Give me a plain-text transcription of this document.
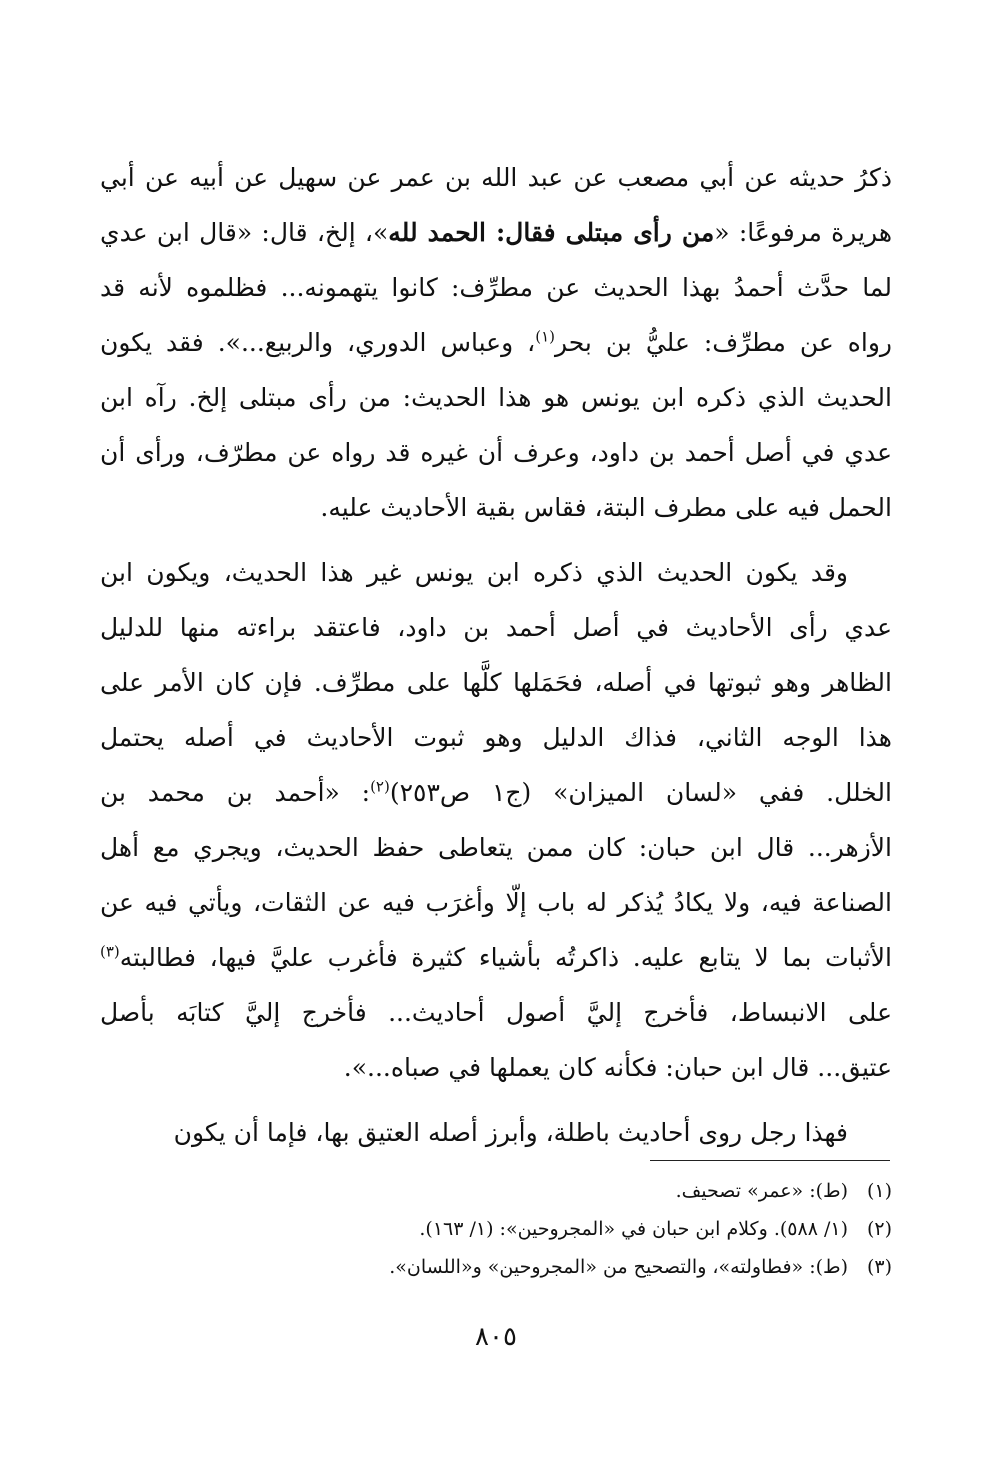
ذكرُ حديثه عن أبي مصعب عن عبد الله بن عمر عن سهيل عن أبيه عن أبي
هريرة مرفوعًا: «من رأى مبتلى فقال: الحمد لله»، إلخ، قال: «قال ابن عدي
لما حدَّث أحمدُ بهذا الحديث عن مطرِّف: كانوا يتهمونه... فظلموه لأنه قد
رواه عن مطرِّف: عليُّ بن بحر$^{(١)}$، وعباس الدوري، والربيع...». فقد يكون
الحديث الذي ذكره ابن يونس هو هذا الحديث: من رأى مبتلى إلخ. رآه ابن
عدي في أصل أحمد بن داود، وعرف أن غيره قد رواه عن مطرّف، ورأى أن
الحمل فيه على مطرف البتة، فقاس بقية الأحاديث عليه.

وقد يكون الحديث الذي ذكره ابن يونس غير هذا الحديث، ويكون ابن
عدي رأى الأحاديث في أصل أحمد بن داود، فاعتقد براءته منها للدليل
الظاهر وهو ثبوتها في أصله، فحَمَلها كلَّها على مطرِّف. فإن كان الأمر على
هذا الوجه الثاني، فذاك الدليل وهو ثبوت الأحاديث في أصله يحتمل
الخلل. ففي «لسان الميزان» (ج١ ص٢٥٣)$^{(٢)}$: «أحمد بن محمد بن
الأزهر... قال ابن حبان: كان ممن يتعاطى حفظ الحديث، ويجري مع أهل
الصناعة فيه، ولا يكادُ يُذكر له باب إلّا وأغرَب فيه عن الثقات، ويأتي فيه عن
الأثبات بما لا يتابع عليه. ذاكرتُه بأشياء كثيرة فأغرب عليَّ فيها، فطالبته$^{(٣)}$
على الانبساط، فأخرج إليَّ أصول أحاديث... فأخرج إليَّ كتابَه بأصل
عتيق... قال ابن حبان: فكأنه كان يعملها في صباه...».

فهذا رجل روى أحاديث باطلة، وأبرز أصله العتيق بها، فإما أن يكون

(١)(ط): «عمر» تصحيف.
(٢)(١/ ٥٨٨). وكلام ابن حبان في «المجروحين»: (١/ ١٦٣).
(٣)(ط): «فطاولته»، والتصحيح من «المجروحين» و«اللسان».
٨٠٥
